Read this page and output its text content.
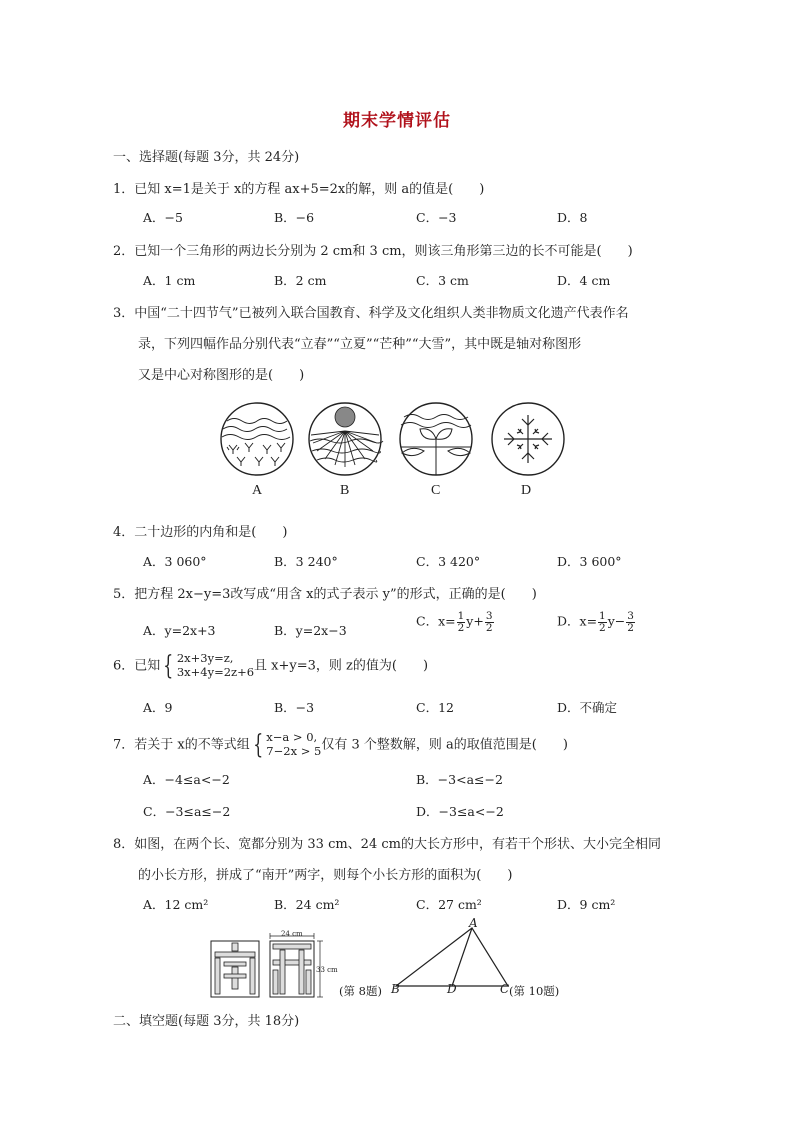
期末学情评估
一、选择题(每题 3分，共 24分)
1．已知 x=1是关于 x的方程 ax+5=2x的解，则 a的值是(　　)
A．−5	B．−6	C．−3	D．8
2．已知一个三角形的两边长分别为 2 cm和 3 cm，则该三角形第三边的长不可能是(　　)
A．1 cm	B．2 cm	C．3 cm	D．4 cm
3．中国“二十四节气”已被列入联合国教育、科学及文化组织人类非物质文化遗产代表作名
录，下列四幅作品分别代表“立春”“立夏”“芒种”“大雪”，其中既是轴对称图形
又是中心对称图形的是(　　)
A	B	C	D
4．二十边形的内角和是(　　)
A．3 060°	B．3 240°	C．3 420°	D．3 600°
5．把方程 2x−y=3改写成“用含 x的式子表示 y”的形式，正确的是(　　)
A．y=2x+3	B．y=2x−3
C．$x= \frac{1}{2} y+ \frac{3}{2}$	D．$x= \frac{1}{2} y- \frac{3}{2}$
6．已知 { 2x+3y=z,
3x+4y=2z+6 且 x+y=3，则 z的值为(　　)
A．9	B．−3	C．12	D．不确定
7．若关于 x的不等式组 { x−a > 0,
7−2x > 5 仅有 3 个整数解，则 a的取值范围是(　　)
A．−4≤a<−2	B．−3<a≤−2
C．−3≤a≤−2	D．−3≤a<−2
8．如图，在两个长、宽都分别为 33 cm、24 cm的大长方形中，有若干个形状、大小完全相同
的小长方形，拼成了“南开”两字，则每个小长方形的面积为(　　)
A．12 cm²	B．24 cm²	C．27 cm²	D．9 cm²
24 cm
33 cm
A
B	D	C
(第 8题)	(第 10题)
二、填空题(每题 3分，共 18分)
